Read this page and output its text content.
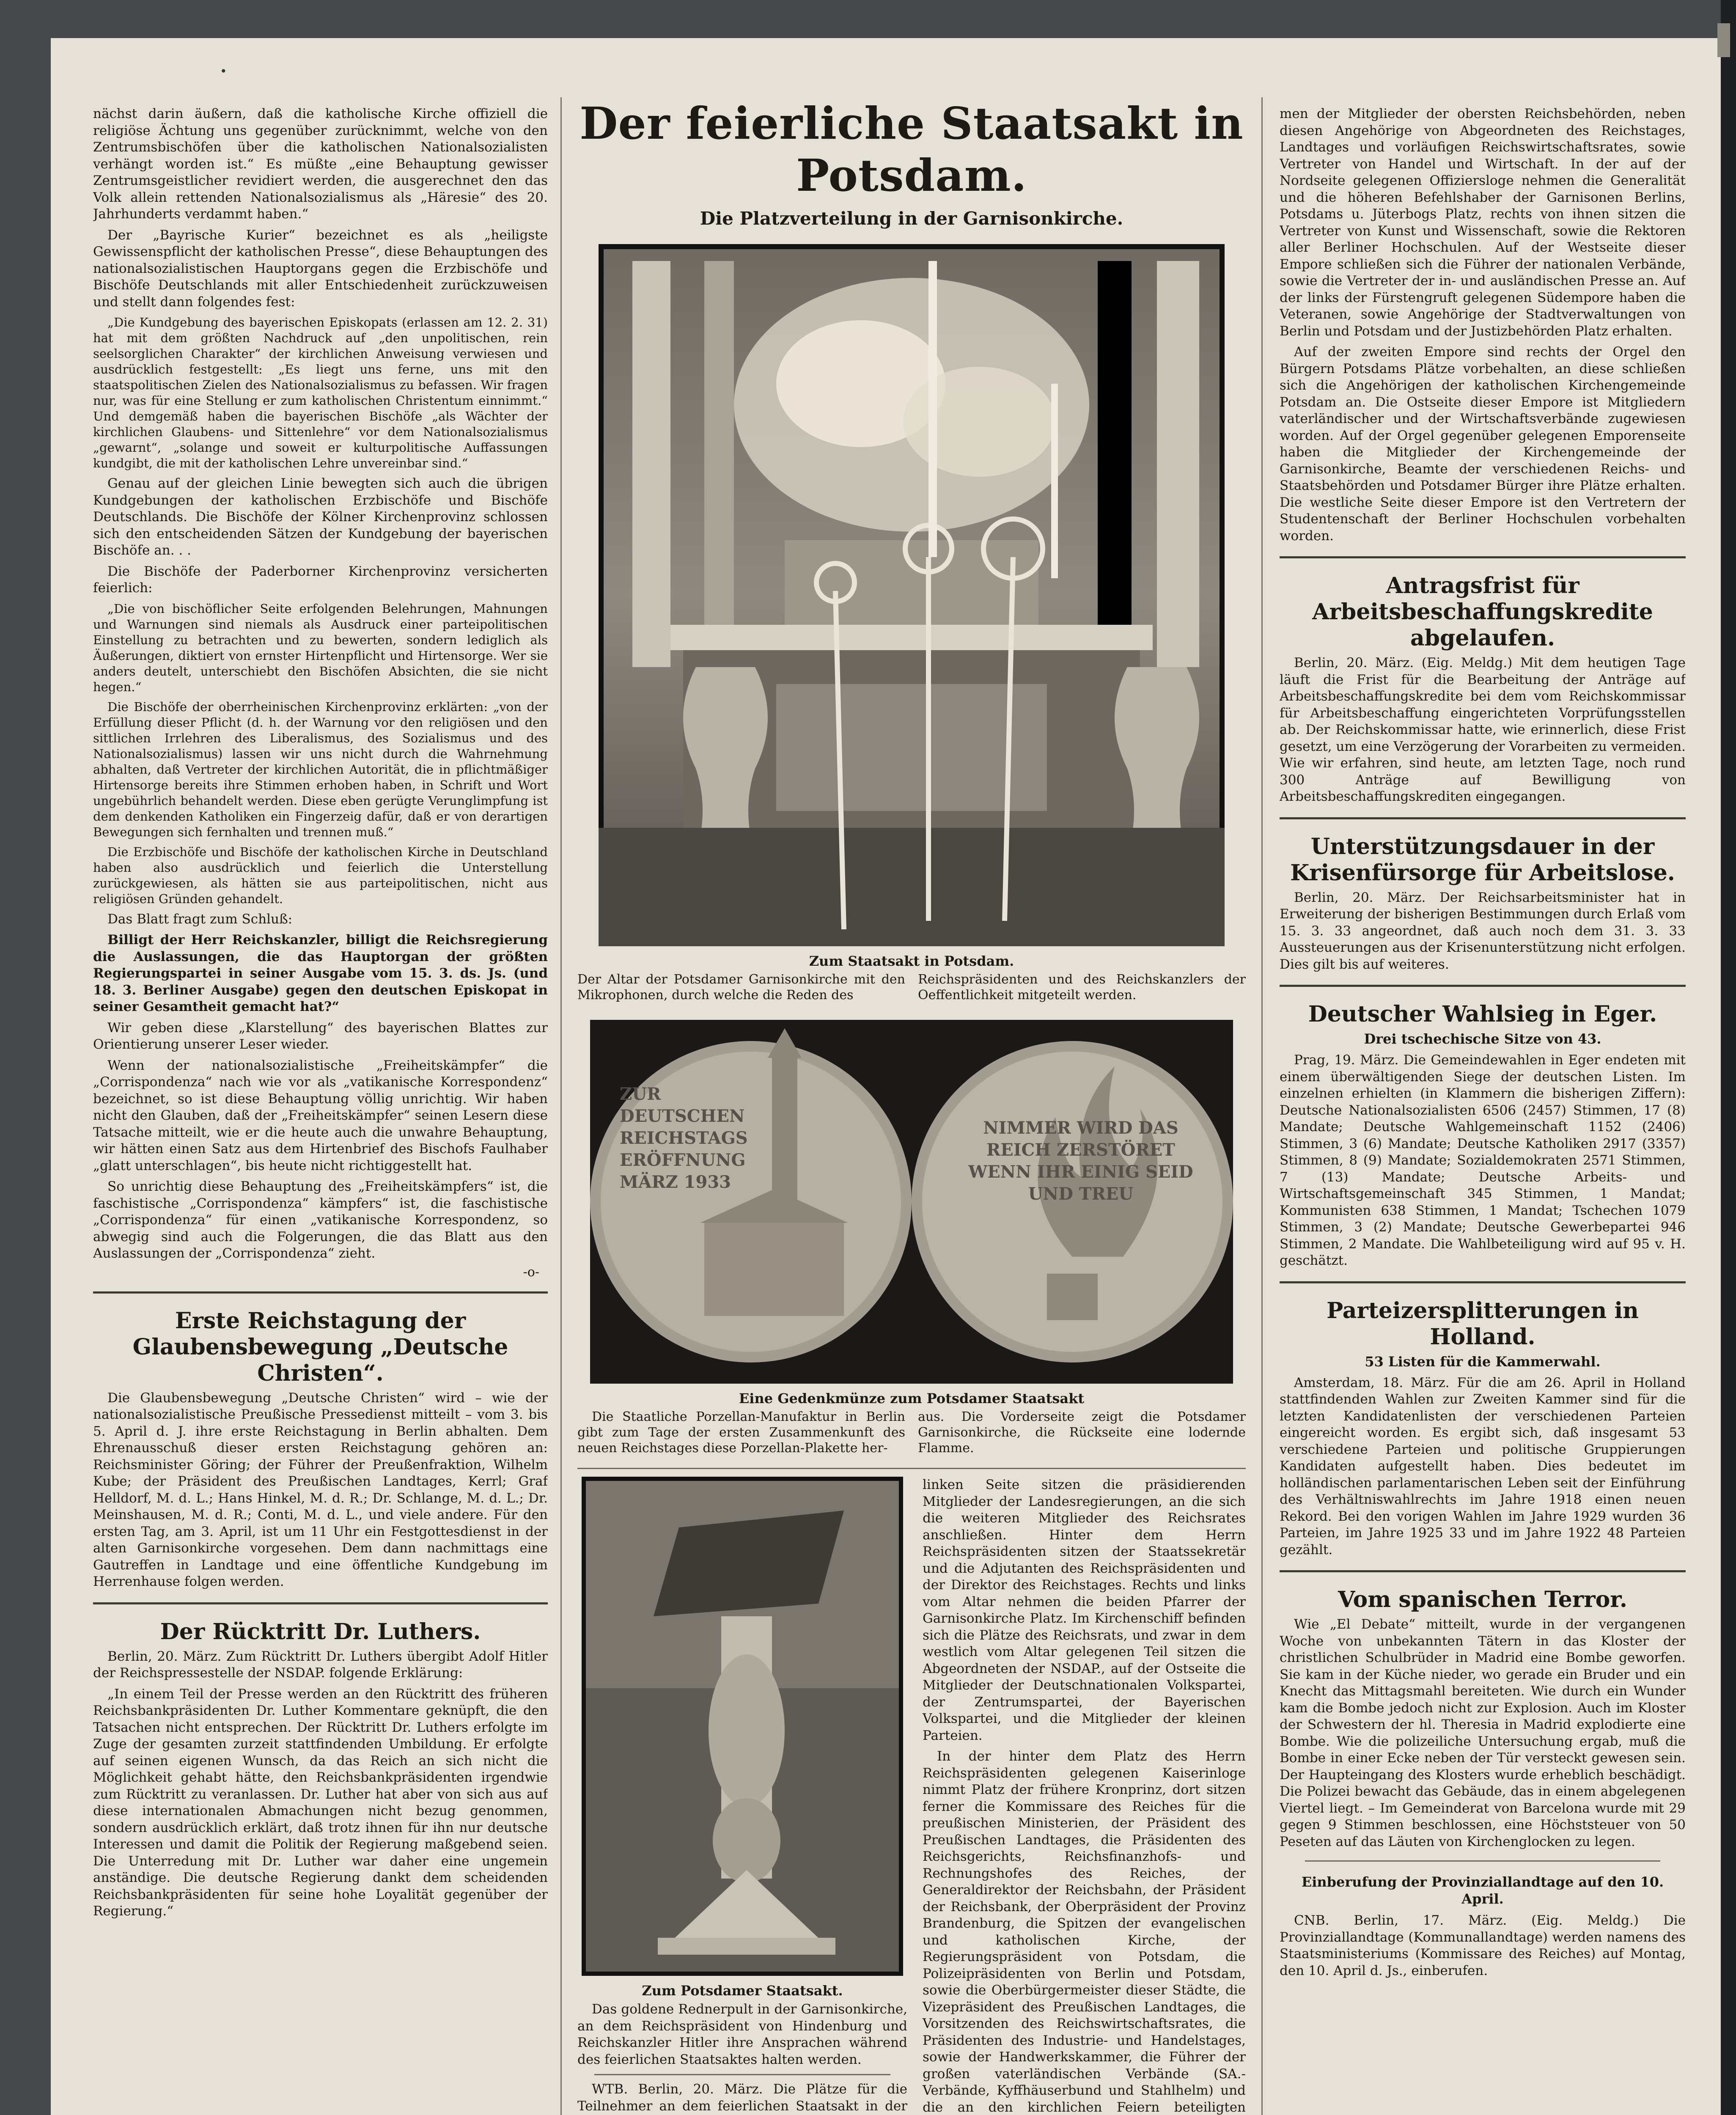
•

nächst darin äußern, daß die katholische Kirche offiziell die religiöse Ächtung uns gegenüber zurücknimmt, welche von den Zentrumsbischöfen über die katholischen Nationalsozialisten verhängt worden ist.“ Es müßte „eine Behauptung gewisser Zentrumsgeistlicher revidiert werden, die ausgerechnet den das Volk allein rettenden Nationalsozialismus als „Häresie“ des 20. Jahrhunderts verdammt haben.“

Der „Bayrische Kurier“ bezeichnet es als „heiligste Gewissenspflicht der katholischen Presse“, diese Behauptungen des nationalsozialistischen Hauptorgans gegen die Erzbischöfe und Bischöfe Deutschlands mit aller Entschiedenheit zurückzuweisen und stellt dann folgendes fest:

„Die Kundgebung des bayerischen Episkopats (erlassen am 12. 2. 31) hat mit dem größten Nachdruck auf „den unpolitischen, rein seelsorglichen Charakter“ der kirchlichen Anweisung verwiesen und ausdrücklich festgestellt: „Es liegt uns ferne, uns mit den staatspolitischen Zielen des Nationalsozialismus zu befassen. Wir fragen nur, was für eine Stellung er zum katholischen Christentum einnimmt.“ Und demgemäß haben die bayerischen Bischöfe „als Wächter der kirchlichen Glaubens- und Sittenlehre“ vor dem Nationalsozialismus „gewarnt“, „solange und soweit er kulturpolitische Auffassungen kundgibt, die mit der katholischen Lehre unvereinbar sind.“

Genau auf der gleichen Linie bewegten sich auch die übrigen Kundgebungen der katholischen Erzbischöfe und Bischöfe Deutschlands. Die Bischöfe der Kölner Kirchenprovinz schlossen sich den entscheidenden Sätzen der Kundgebung der bayerischen Bischöfe an. . .

Die Bischöfe der Paderborner Kirchenprovinz versicherten feierlich:

„Die von bischöflicher Seite erfolgenden Belehrungen, Mahnungen und Warnungen sind niemals als Ausdruck einer parteipolitischen Einstellung zu betrachten und zu bewerten, sondern lediglich als Äußerungen, diktiert von ernster Hirtenpflicht und Hirtensorge. Wer sie anders deutelt, unterschiebt den Bischöfen Absichten, die sie nicht hegen.“

Die Bischöfe der oberrheinischen Kirchenprovinz erklärten: „von der Erfüllung dieser Pflicht (d. h. der Warnung vor den religiösen und den sittlichen Irrlehren des Liberalismus, des Sozialismus und des Nationalsozialismus) lassen wir uns nicht durch die Wahrnehmung abhalten, daß Vertreter der kirchlichen Autorität, die in pflichtmäßiger Hirtensorge bereits ihre Stimmen erhoben haben, in Schrift und Wort ungebührlich behandelt werden. Diese eben gerügte Verunglimpfung ist dem denkenden Katholiken ein Fingerzeig dafür, daß er von derartigen Bewegungen sich fernhalten und trennen muß.“

Die Erzbischöfe und Bischöfe der katholischen Kirche in Deutschland haben also ausdrücklich und feierlich die Unterstellung zurückgewiesen, als hätten sie aus parteipolitischen, nicht aus religiösen Gründen gehandelt.

Das Blatt fragt zum Schluß:

Billigt der Herr Reichskanzler, billigt die Reichsregierung die Auslassungen, die das Hauptorgan der größten Regierungspartei in seiner Ausgabe vom 15. 3. ds. Js. (und 18. 3. Berliner Ausgabe) gegen den deutschen Episkopat in seiner Gesamtheit gemacht hat?“

Wir geben diese „Klarstellung“ des bayerischen Blattes zur Orientierung unserer Leser wieder.

Wenn der nationalsozialistische „Freiheitskämpfer“ die „Corrispondenza“ nach wie vor als „vatikanische Korrespondenz“ bezeichnet, so ist diese Behauptung völlig unrichtig. Wir haben nicht den Glauben, daß der „Freiheitskämpfer“ seinen Lesern diese Tatsache mitteilt, wie er die heute auch die unwahre Behauptung, wir hätten einen Satz aus dem Hirtenbrief des Bischofs Faulhaber „glatt unterschlagen“, bis heute nicht richtiggestellt hat.

So unrichtig diese Behauptung des „Freiheitskämpfers“ ist, die faschistische „Corrispondenza“ kämpfers“ ist, die faschistische „Corrispondenza“ für einen „vatikanische Korrespondenz, so abwegig sind auch die Folgerungen, die das Blatt aus den Auslassungen der „Corrispondenza“ zieht.

-o-
Erste Reichstagung der Glaubensbewegung „Deutsche Christen“.

Die Glaubensbewegung „Deutsche Christen“ wird – wie der nationalsozialistische Preußische Pressedienst mitteilt – vom 3. bis 5. April d. J. ihre erste Reichstagung in Berlin abhalten. Dem Ehrenausschuß dieser ersten Reichstagung gehören an: Reichsminister Göring; der Führer der Preußenfraktion, Wilhelm Kube; der Präsident des Preußischen Landtages, Kerrl; Graf Helldorf, M. d. L.; Hans Hinkel, M. d. R.; Dr. Schlange, M. d. L.; Dr. Meinshausen, M. d. R.; Conti, M. d. L., und viele andere. Für den ersten Tag, am 3. April, ist um 11 Uhr ein Festgottesdienst in der alten Garnisonkirche vorgesehen. Dem dann nachmittags eine Gautreffen in Landtage und eine öffentliche Kundgebung im Herrenhause folgen werden.

Der Rücktritt Dr. Luthers.

Berlin, 20. März. Zum Rücktritt Dr. Luthers übergibt Adolf Hitler der Reichspressestelle der NSDAP. folgende Erklärung:

„In einem Teil der Presse werden an den Rücktritt des früheren Reichsbankpräsidenten Dr. Luther Kommentare geknüpft, die den Tatsachen nicht entsprechen. Der Rücktritt Dr. Luthers erfolgte im Zuge der gesamten zurzeit stattfindenden Umbildung. Er erfolgte auf seinen eigenen Wunsch, da das Reich an sich nicht die Möglichkeit gehabt hätte, den Reichsbankpräsidenten irgendwie zum Rücktritt zu veranlassen. Dr. Luther hat aber von sich aus auf diese internationalen Abmachungen nicht bezug genommen, sondern ausdrücklich erklärt, daß trotz ihnen für ihn nur deutsche Interessen und damit die Politik der Regierung maßgebend seien. Die Unterredung mit Dr. Luther war daher eine ungemein anständige. Die deutsche Regierung dankt dem scheidenden Reichsbankpräsidenten für seine hohe Loyalität gegenüber der Regierung.“

Der feierliche Staatsakt in Potsdam.
Die Platzverteilung in der Garnisonkirche.
Zum Staatsakt in Potsdam.

Der Altar der Potsdamer Garnisonkirche mit den Mikrophonen, durch welche die Reden des

Reichspräsidenten und des Reichskanzlers der Oeffentlichkeit mitgeteilt werden.

ZUR DEUTSCHEN REICHSTAGS ERÖFFNUNG MÄRZ 1933
NIMMER WIRD DAS REICH ZERSTÖRET WENN IHR EINIG SEID UND TREU
Eine Gedenkmünze zum Potsdamer Staatsakt

Die Staatliche Porzellan-Manufaktur in Berlin gibt zum Tage der ersten Zusammenkunft des neuen Reichstages diese Porzellan-Plakette her-

aus. Die Vorderseite zeigt die Potsdamer Garnisonkirche, die Rückseite eine lodernde Flamme.

Zum Potsdamer Staatsakt.

Das goldene Rednerpult in der Garnisonkirche, an dem Reichspräsident von Hindenburg und Reichskanzler Hitler ihre Ansprachen während des feierlichen Staatsaktes halten werden.

WTB. Berlin, 20. März. Die Plätze für die Teilnehmer an dem feierlichen Staatsakt in der

linken Seite sitzen die präsidierenden Mitglieder der Landesregierungen, an die sich die weiteren Mitglieder des Reichsrates anschließen. Hinter dem Herrn Reichspräsidenten sitzen der Staatssekretär und die Adjutanten des Reichspräsidenten und der Direktor des Reichstages. Rechts und links vom Altar nehmen die beiden Pfarrer der Garnisonkirche Platz. Im Kirchenschiff befinden sich die Plätze des Reichsrats, und zwar in dem westlich vom Altar gelegenen Teil sitzen die Abgeordneten der NSDAP., auf der Ostseite die Mitglieder der Deutschnationalen Volkspartei, der Zentrumspartei, der Bayerischen Volkspartei, und die Mitglieder der kleinen Parteien.

In der hinter dem Platz des Herrn Reichspräsidenten gelegenen Kaiserinloge nimmt Platz der frühere Kronprinz, dort sitzen ferner die Kommissare des Reiches für die preußischen Ministerien, der Präsident des Preußischen Landtages, die Präsidenten des Reichsgerichts, Reichsfinanzhofs- und Rechnungshofes des Reiches, der Generaldirektor der Reichsbahn, der Präsident der Reichsbank, der Oberpräsident der Provinz Brandenburg, die Spitzen der evangelischen und katholischen Kirche, der Regierungspräsident von Potsdam, die Polizeipräsidenten von Berlin und Potsdam, sowie die Oberbürgermeister dieser Städte, die Vizepräsident des Preußischen Landtages, die Vorsitzenden des Reichswirtschaftsrates, die Präsidenten des Industrie- und Handelstages, sowie der Handwerkskammer, die Führer der großen vaterländischen Verbände (SA.-Verbände, Kyffhäuserbund und Stahlhelm) und die an den kirchlichen Feiern beteiligten

men der Mitglieder der obersten Reichsbehörden, neben diesen Angehörige von Abgeordneten des Reichstages, Landtages und vorläufigen Reichswirtschaftsrates, sowie Vertreter von Handel und Wirtschaft. In der auf der Nordseite gelegenen Offiziersloge nehmen die Generalität und die höheren Befehlshaber der Garnisonen Berlins, Potsdams u. Jüterbogs Platz, rechts von ihnen sitzen die Vertreter von Kunst und Wissenschaft, sowie die Rektoren aller Berliner Hochschulen. Auf der Westseite dieser Empore schließen sich die Führer der nationalen Verbände, sowie die Vertreter der in- und ausländischen Presse an. Auf der links der Fürstengruft gelegenen Südempore haben die Veteranen, sowie Angehörige der Stadtverwaltungen von Berlin und Potsdam und der Justizbehörden Platz erhalten.

Auf der zweiten Empore sind rechts der Orgel den Bürgern Potsdams Plätze vorbehalten, an diese schließen sich die Angehörigen der katholischen Kirchengemeinde Potsdam an. Die Ostseite dieser Empore ist Mitgliedern vaterländischer und der Wirtschaftsverbände zugewiesen worden. Auf der Orgel gegenüber gelegenen Emporenseite haben die Mitglieder der Kirchengemeinde der Garnisonkirche, Beamte der verschiedenen Reichs- und Staatsbehörden und Potsdamer Bürger ihre Plätze erhalten. Die westliche Seite dieser Empore ist den Vertretern der Studentenschaft der Berliner Hochschulen vorbehalten worden.

Antragsfrist für Arbeitsbeschaffungskredite abgelaufen.

Berlin, 20. März. (Eig. Meldg.) Mit dem heutigen Tage läuft die Frist für die Bearbeitung der Anträge auf Arbeitsbeschaffungskredite bei dem vom Reichskommissar für Arbeitsbeschaffung eingerichteten Vorprüfungsstellen ab. Der Reichskommissar hatte, wie erinnerlich, diese Frist gesetzt, um eine Verzögerung der Vorarbeiten zu vermeiden. Wie wir erfahren, sind heute, am letzten Tage, noch rund 300 Anträge auf Bewilligung von Arbeitsbeschaffungskrediten eingegangen.

Unterstützungsdauer in der Krisenfürsorge für Arbeitslose.

Berlin, 20. März. Der Reichsarbeitsminister hat in Erweiterung der bisherigen Bestimmungen durch Erlaß vom 15. 3. 33 angeordnet, daß auch noch dem 31. 3. 33 Aussteuerungen aus der Krisenunterstützung nicht erfolgen. Dies gilt bis auf weiteres.

Deutscher Wahlsieg in Eger.
Drei tschechische Sitze von 43.

Prag, 19. März. Die Gemeindewahlen in Eger endeten mit einem überwältigenden Siege der deutschen Listen. Im einzelnen erhielten (in Klammern die bisherigen Ziffern): Deutsche Nationalsozialisten 6506 (2457) Stimmen, 17 (8) Mandate; Deutsche Wahlgemeinschaft 1152 (2406) Stimmen, 3 (6) Mandate; Deutsche Katholiken 2917 (3357) Stimmen, 8 (9) Mandate; Sozialdemokraten 2571 Stimmen, 7 (13) Mandate; Deutsche Arbeits- und Wirtschaftsgemeinschaft 345 Stimmen, 1 Mandat; Kommunisten 638 Stimmen, 1 Mandat; Tschechen 1079 Stimmen, 3 (2) Mandate; Deutsche Gewerbepartei 946 Stimmen, 2 Mandate. Die Wahlbeteiligung wird auf 95 v. H. geschätzt.

Parteizersplitterungen in Holland.
53 Listen für die Kammerwahl.

Amsterdam, 18. März. Für die am 26. April in Holland stattfindenden Wahlen zur Zweiten Kammer sind für die letzten Kandidatenlisten der verschiedenen Parteien eingereicht worden. Es ergibt sich, daß insgesamt 53 verschiedene Parteien und politische Gruppierungen Kandidaten aufgestellt haben. Dies bedeutet im holländischen parlamentarischen Leben seit der Einführung des Verhältniswahlrechts im Jahre 1918 einen neuen Rekord. Bei den vorigen Wahlen im Jahre 1929 wurden 36 Parteien, im Jahre 1925 33 und im Jahre 1922 48 Parteien gezählt.

Vom spanischen Terror.

Wie „El Debate“ mitteilt, wurde in der vergangenen Woche von unbekannten Tätern in das Kloster der christlichen Schulbrüder in Madrid eine Bombe geworfen. Sie kam in der Küche nieder, wo gerade ein Bruder und ein Knecht das Mittagsmahl bereiteten. Wie durch ein Wunder kam die Bombe jedoch nicht zur Explosion. Auch im Kloster der Schwestern der hl. Theresia in Madrid explodierte eine Bombe. Wie die polizeiliche Untersuchung ergab, muß die Bombe in einer Ecke neben der Tür versteckt gewesen sein. Der Haupteingang des Klosters wurde erheblich beschädigt. Die Polizei bewacht das Gebäude, das in einem abgelegenen Viertel liegt. – Im Gemeinderat von Barcelona wurde mit 29 gegen 9 Stimmen beschlossen, eine Höchststeuer von 50 Peseten auf das Läuten von Kirchenglocken zu legen.

Einberufung der Provinziallandtage auf den 10. April.

CNB. Berlin, 17. März. (Eig. Meldg.) Die Provinziallandtage (Kommunallandtage) werden namens des Staatsministeriums (Kommissare des Reiches) auf Montag, den 10. April d. Js., einberufen.
